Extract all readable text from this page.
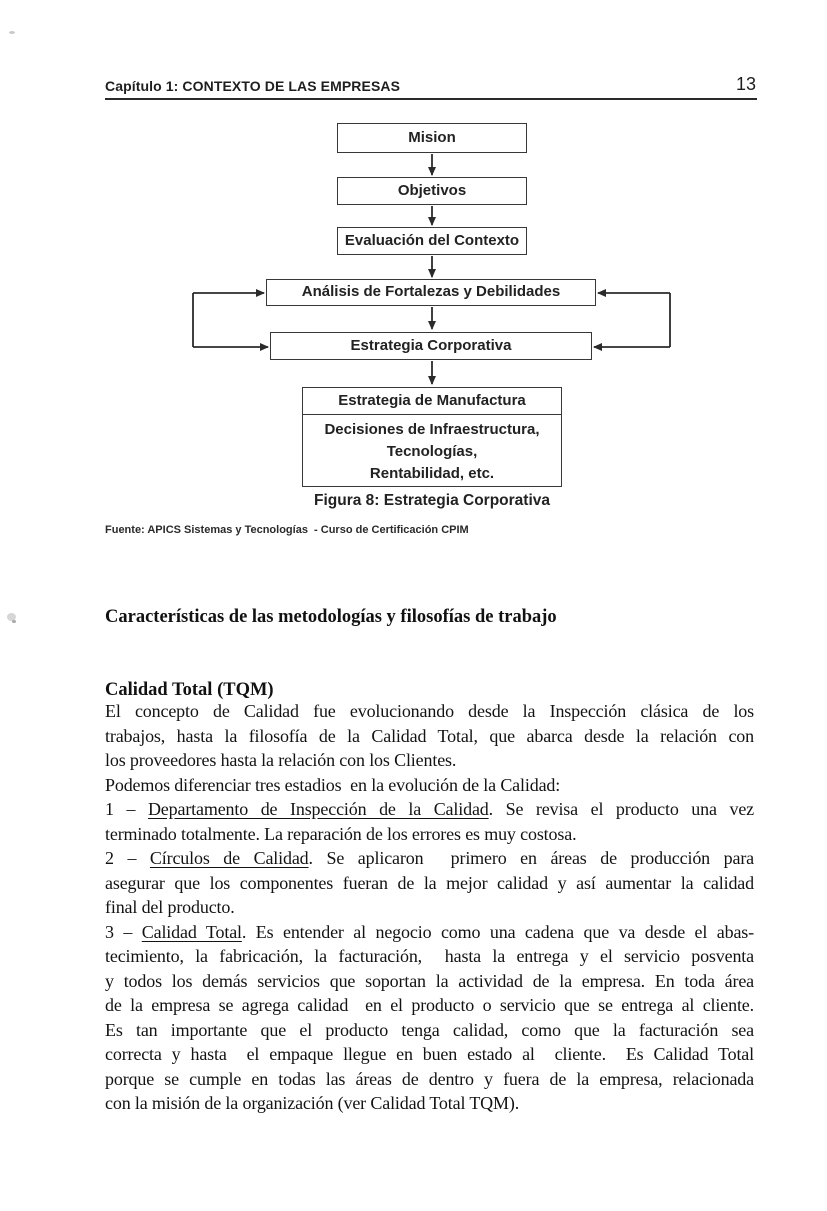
Capítulo 1: CONTEXTO DE LAS EMPRESAS	13
Mision
Objetivos
Evaluación del Contexto
Análisis de Fortalezas y Debilidades
Estrategia Corporativa
Estrategia de Manufactura
Decisiones de Infraestructura,
Tecnologías,
Rentabilidad, etc.
Figura 8: Estrategia Corporativa
Fuente: APICS Sistemas y Tecnologías  - Curso de Certificación CPIM
Características de las metodologías y filosofías de trabajo
Calidad Total (TQM)
El concepto de Calidad fue evolucionando desde la Inspección clásica de los
trabajos, hasta la filosofía de la Calidad Total, que abarca desde la relación con
los proveedores hasta la relación con los Clientes.
Podemos diferenciar tres estadios  en la evolución de la Calidad:
1 – Departamento de Inspección de la Calidad. Se revisa el producto una vez
terminado totalmente. La reparación de los errores es muy costosa.
2 – Círculos de Calidad. Se aplicaron  primero en áreas de producción para
asegurar que los componentes fueran de la mejor calidad y así aumentar la calidad
final del producto.
3 – Calidad Total. Es entender al negocio como una cadena que va desde el abas-
tecimiento, la fabricación, la facturación,  hasta la entrega y el servicio posventa
y todos los demás servicios que soportan la actividad de la empresa. En toda área
de la empresa se agrega calidad  en el producto o servicio que se entrega al cliente.
Es tan importante que el producto tenga calidad, como que la facturación sea
correcta y hasta  el empaque llegue en buen estado al  cliente.  Es Calidad Total
porque se cumple en todas las áreas de dentro y fuera de la empresa, relacionada
con la misión de la organización (ver Calidad Total TQM).
